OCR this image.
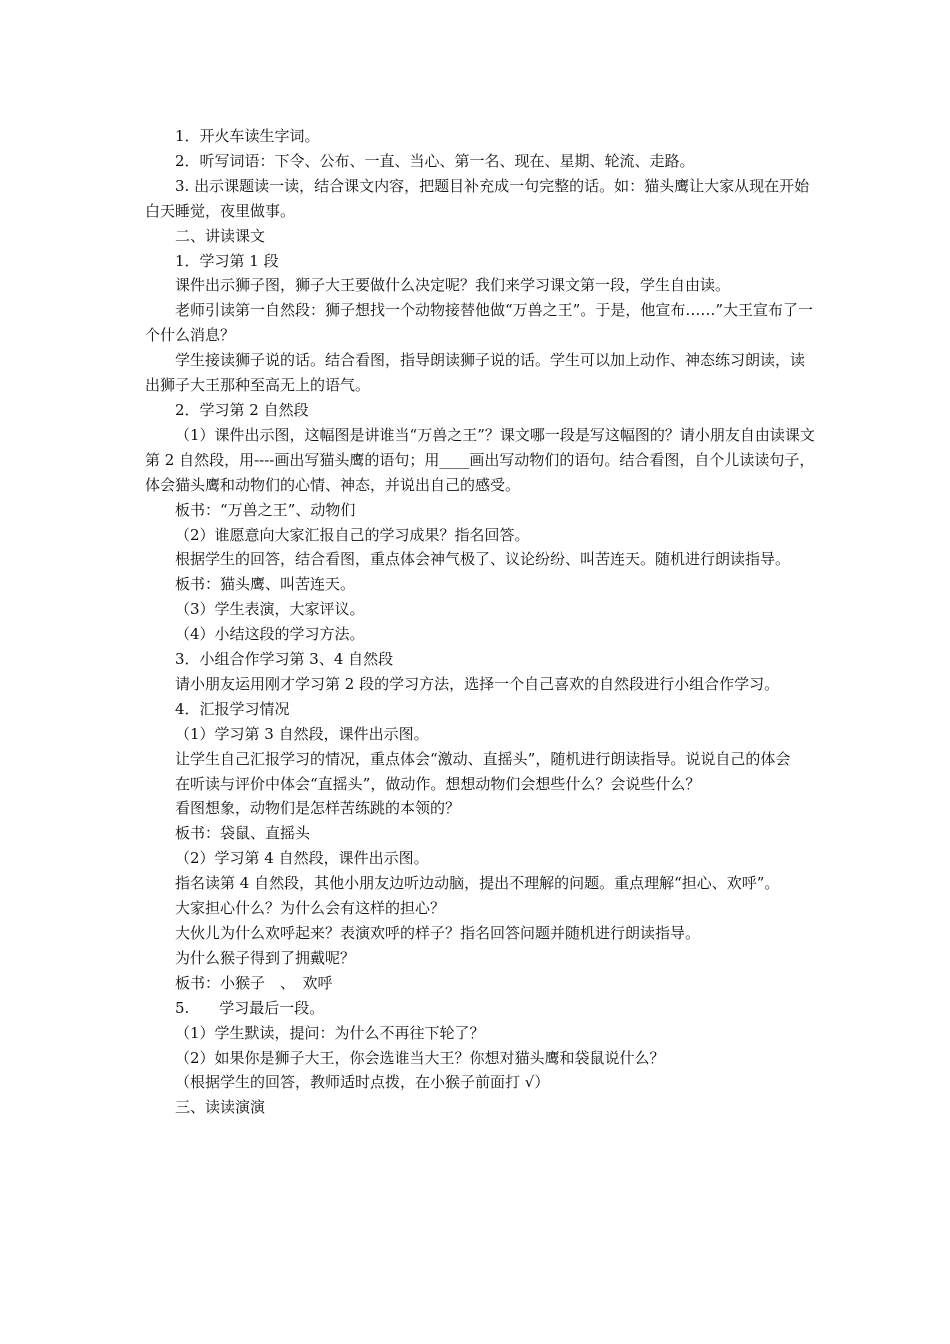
1．开火车读生字词。

2．听写词语：下令、公布、一直、当心、第一名、现在、星期、轮流、走路。

3. 出示课题读一读，结合课文内容，把题目补充成一句完整的话。如：猫头鹰让大家从现在开始白天睡觉，夜里做事。

二、讲读课文

1．学习第 1 段

课件出示狮子图，狮子大王要做什么决定呢？我们来学习课文第一段，学生自由读。

老师引读第一自然段：狮子想找一个动物接替他做“万兽之王”。于是，他宣布……”大王宣布了一个什么消息？

学生接读狮子说的话。结合看图，指导朗读狮子说的话。学生可以加上动作、神态练习朗读，读出狮子大王那种至高无上的语气。

2．学习第 2 自然段

（1）课件出示图，这幅图是讲谁当“万兽之王”？课文哪一段是写这幅图的？请小朋友自由读课文第 2 自然段，用----画出写猫头鹰的语句；用____画出写动物们的语句。结合看图，自个儿读读句子，体会猫头鹰和动物们的心情、神态，并说出自己的感受。

板书：“万兽之王”、动物们

（2）谁愿意向大家汇报自己的学习成果？指名回答。

根据学生的回答，结合看图，重点体会神气极了、议论纷纷、叫苦连天。随机进行朗读指导。

板书：猫头鹰、叫苦连天。

（3）学生表演，大家评议。

（4）小结这段的学习方法。

3．小组合作学习第 3、4 自然段

请小朋友运用刚才学习第 2 段的学习方法，选择一个自己喜欢的自然段进行小组合作学习。

4．汇报学习情况

（1）学习第 3 自然段，课件出示图。

让学生自己汇报学习的情况，重点体会“激动、直摇头”，随机进行朗读指导。说说自己的体会

在听读与评价中体会“直摇头”，做动作。想想动物们会想些什么？会说些什么？

看图想象，动物们是怎样苦练跳的本领的？

板书：袋鼠、直摇头

（2）学习第 4 自然段，课件出示图。

指名读第 4 自然段，其他小朋友边听边动脑，提出不理解的问题。重点理解“担心、欢呼”。

大家担心什么？为什么会有这样的担心？

大伙儿为什么欢呼起来？表演欢呼的样子？指名回答问题并随机进行朗读指导。

为什么猴子得到了拥戴呢？

板书：小猴子　、　欢呼

5.　　学习最后一段。

（1）学生默读，提问：为什么不再往下轮了？

（2）如果你是狮子大王，你会选谁当大王？你想对猫头鹰和袋鼠说什么？

（根据学生的回答，教师适时点拨，在小猴子前面打 √）

三、读读演演
